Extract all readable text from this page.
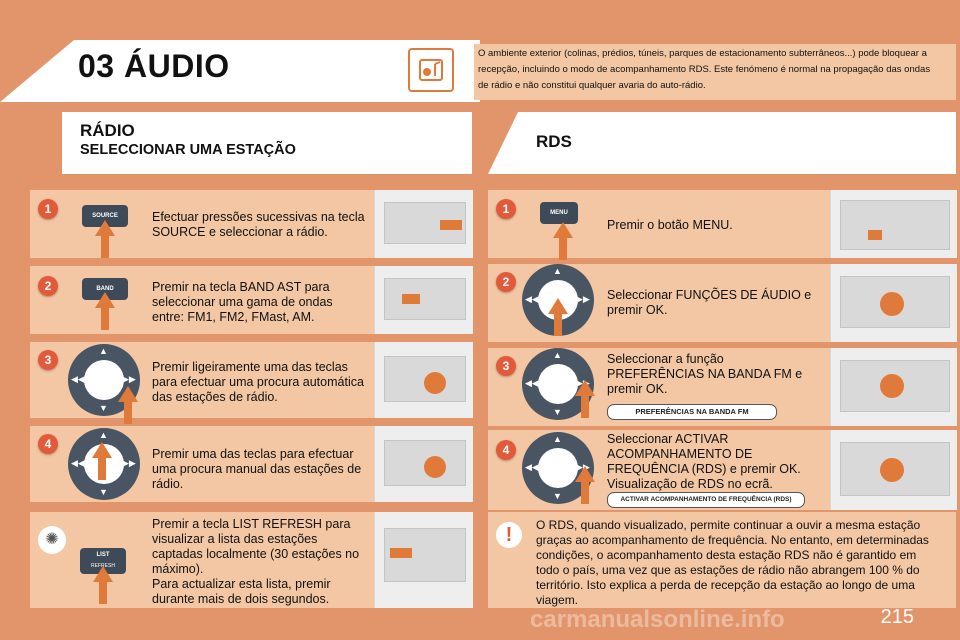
03 ÁUDIO	O ambiente exterior (colinas, prédios, túneis, parques de estacionamento subterrâneos...) pode bloquear a recepção, incluindo o modo de acompanhamento RDS. Este fenómeno é normal na propagação das ondas de rádio e não constitui qualquer avaria do auto-rádio.
RÁDIO
SELECCIONAR UMA ESTAÇÃO	RDS
1	SOURCE	Efectuar pressões sucessivas na tecla SOURCE e seleccionar a rádio.
2	BAND	Premir na tecla BAND AST para seleccionar uma gama de ondas entre: FM1, FM2, FMast, AM.
3
▲
▼
◀◀	▶▶
Premir ligeiramente uma das teclas para efectuar uma procura automática das estações de rádio.
4
▲
▼
◀◀	▶▶
Premir uma das teclas para efectuar uma procura manual das estações de rádio.
✺
LIST
REFRESH
Premir a tecla LIST REFRESH para visualizar a lista das estações captadas localmente (30 estações no máximo).
Para actualizar esta lista, premir durante mais de dois segundos.
1	MENU
Premir o botão MENU.
2
▲
◀◀	▶▶ Seleccionar FUNÇÕES DE ÁUDIO e premir OK.
3
▲
▼
◀◀	▶▶
Seleccionar a função PREFERÊNCIAS NA BANDA FM e premir OK.
PREFERÊNCIAS NA BANDA FM
4
▲
▼
◀◀	▶▶
Seleccionar ACTIVAR ACOMPANHAMENTO DE FREQUÊNCIA (RDS) e premir OK. Visualização de RDS no ecrã.
ACTIVAR ACOMPANHAMENTO DE FREQUÊNCIA (RDS)
!	O RDS, quando visualizado, permite continuar a ouvir a mesma estação graças ao acompanhamento de frequência. No entanto, em determinadas condições, o acompanhamento desta estação RDS não é garantido em todo o país, uma vez que as estações de rádio não abrangem 100 % do território. Isto explica a perda de recepção da estação ao longo de uma viagem.
carmanualsonline.info	215
